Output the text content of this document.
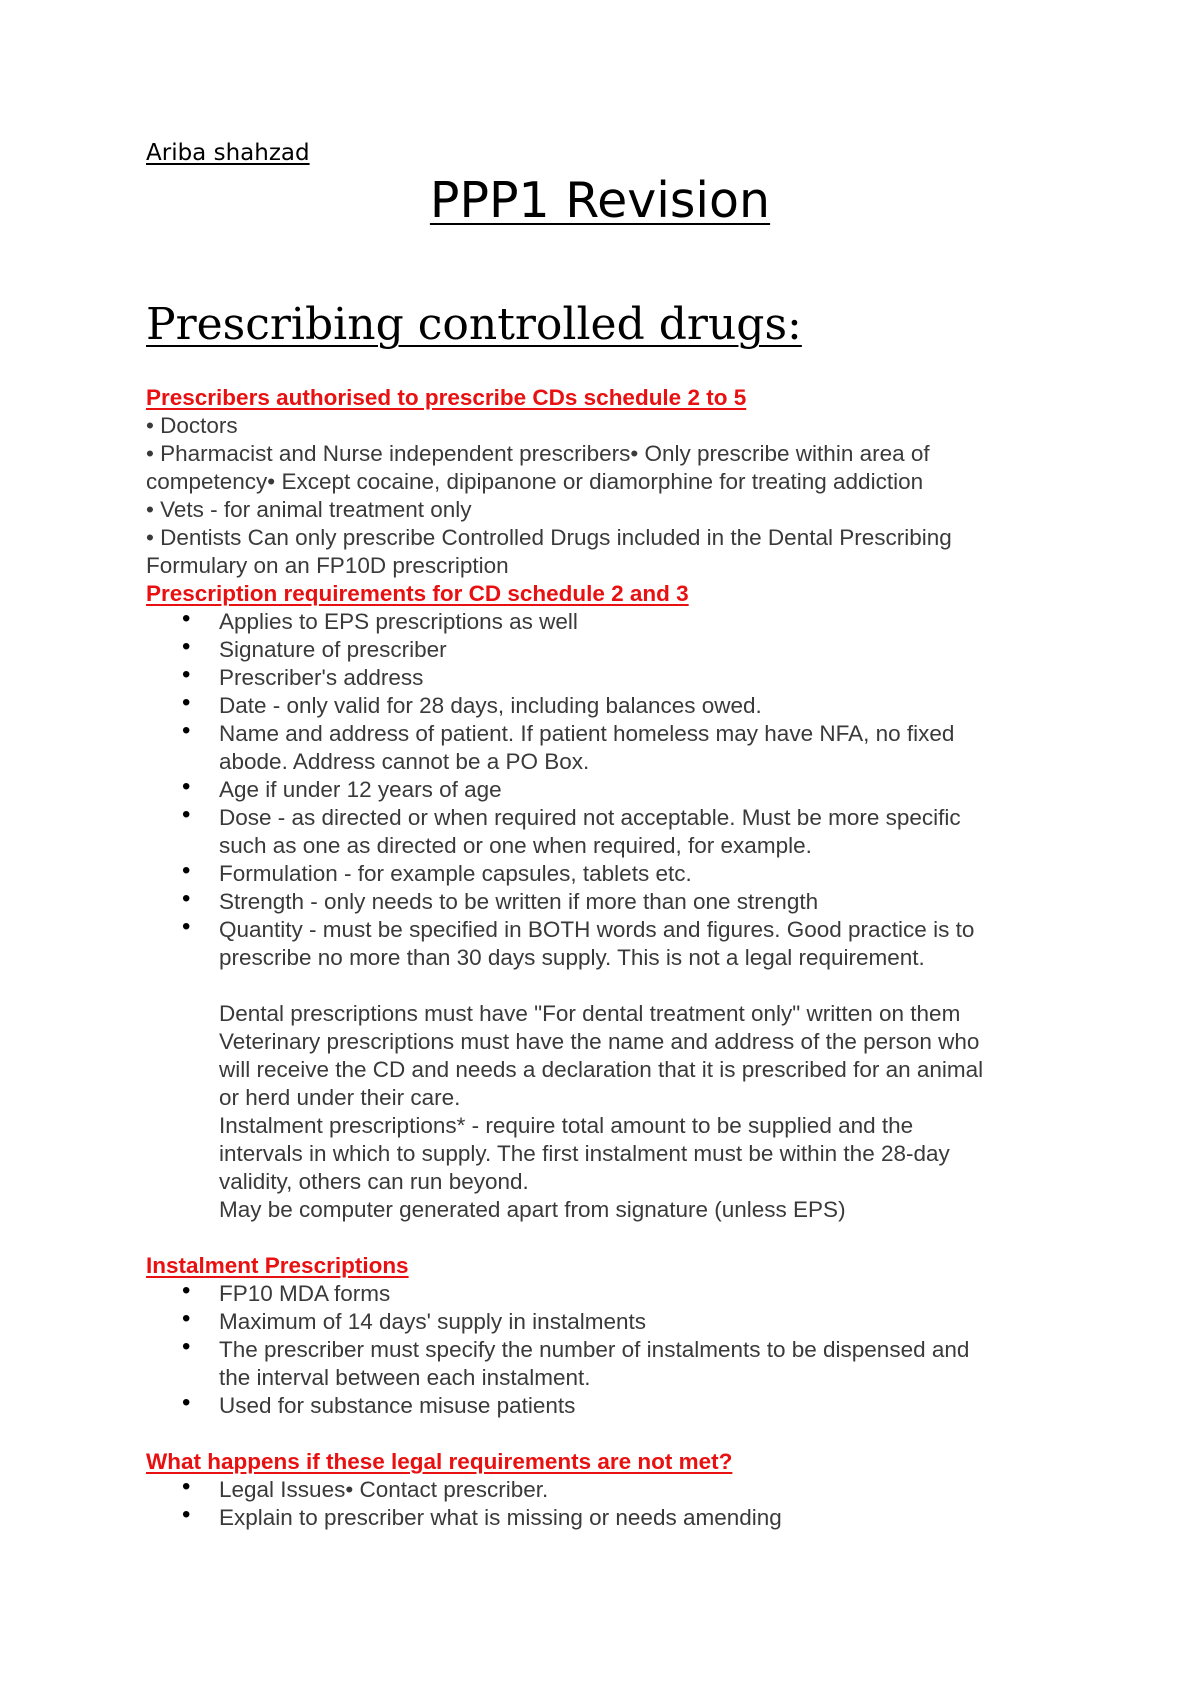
Ariba shahzad
PPP1 Revision
Prescribing controlled drugs:
Prescribers authorised to prescribe CDs schedule 2 to 5
• Doctors
• Pharmacist and Nurse independent prescribers• Only prescribe within area of
competency• Except cocaine, dipipanone or diamorphine for treating addiction
• Vets - for animal treatment only
• Dentists Can only prescribe Controlled Drugs included in the Dental Prescribing
Formulary on an FP10D prescription
Prescription requirements for CD schedule 2 and 3
• Applies to EPS prescriptions as well
• Signature of prescriber
• Prescriber's address
• Date - only valid for 28 days, including balances owed.
• Name and address of patient. If patient homeless may have NFA, no fixed
abode. Address cannot be a PO Box.
• Age if under 12 years of age
• Dose - as directed or when required not acceptable. Must be more specific
such as one as directed or one when required, for example.
• Formulation - for example capsules, tablets etc.
• Strength - only needs to be written if more than one strength
• Quantity - must be specified in BOTH words and figures. Good practice is to
prescribe no more than 30 days supply. This is not a legal requirement.
Dental prescriptions must have "For dental treatment only" written on them
Veterinary prescriptions must have the name and address of the person who
will receive the CD and needs a declaration that it is prescribed for an animal
or herd under their care.
Instalment prescriptions* - require total amount to be supplied and the
intervals in which to supply. The first instalment must be within the 28-day
validity, others can run beyond.
May be computer generated apart from signature (unless EPS)
Instalment Prescriptions
• FP10 MDA forms
• Maximum of 14 days' supply in instalments
• The prescriber must specify the number of instalments to be dispensed and
the interval between each instalment.
• Used for substance misuse patients
What happens if these legal requirements are not met?
• Legal Issues• Contact prescriber.
• Explain to prescriber what is missing or needs amending
